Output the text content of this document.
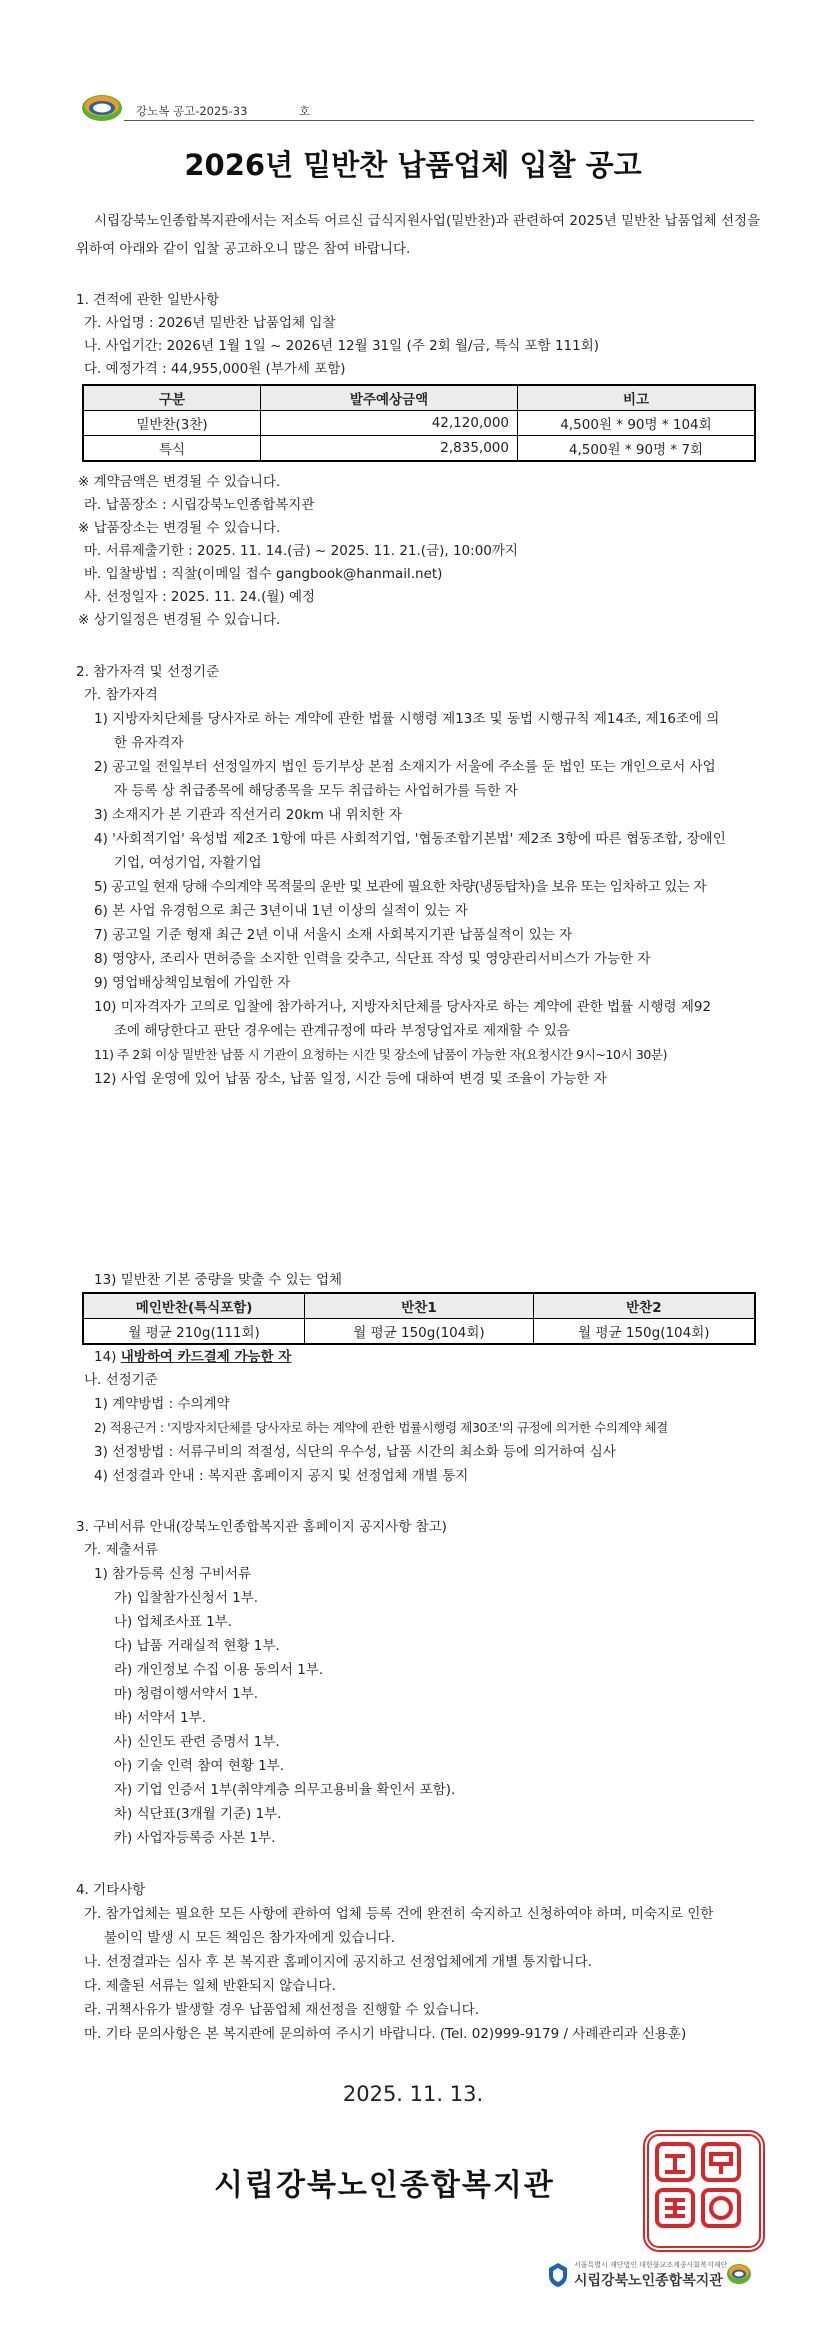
강노복 공고-2025-33	호
2026년 밑반찬 납품업체 입찰 공고
시립강북노인종합복지관에서는 저소득 어르신 급식지원사업(밑반찬)과 관련하여 2025년 밑반찬 납품업체 선정을 위하여 아래와 같이 입찰 공고하오니 많은 참여 바랍니다.
1. 견적에 관한 일반사항
가. 사업명 : 2026년 밑반찬 납품업체 입찰
나. 사업기간: 2026년 1월 1일 ~ 2026년 12월 31일 (주 2회 월/금, 특식 포함 111회)
다. 예정가격 : 44,955,000원 (부가세 포함)
구분	발주예상금액	비고
밑반찬(3찬)	42,120,000	4,500원 * 90명 * 104회
특식	2,835,000	4,500원 * 90명 * 7회
※ 계약금액은 변경될 수 있습니다.
라. 납품장소 : 시립강북노인종합복지관
※ 납품장소는 변경될 수 있습니다.
마. 서류제출기한 : 2025. 11. 14.(금) ~ 2025. 11. 21.(금), 10:00까지
바. 입찰방법 : 직찰(이메일 접수 gangbook@hanmail.net)
사. 선정일자 : 2025. 11. 24.(월) 예정
※ 상기일정은 변경될 수 있습니다.
2. 참가자격 및 선정기준
가. 참가자격
1) 지방자치단체를 당사자로 하는 계약에 관한 법률 시행령 제13조 및 동법 시행규칙 제14조, 제16조에 의
한 유자격자
2) 공고일 전일부터 선정일까지 법인 등기부상 본점 소재지가 서울에 주소를 둔 법인 또는 개인으로서 사업
자 등록 상 취급종목에 해당종목을 모두 취급하는 사업허가를 득한 자
3) 소재지가 본 기관과 직선거리 20km 내 위치한 자
4) '사회적기업' 육성법 제2조 1항에 따른 사회적기업, '협동조합기본법' 제2조 3항에 따른 협동조합, 장애인
기업, 여성기업, 자활기업
5) 공고일 현재 당해 수의계약 목적물의 운반 및 보관에 필요한 차량(냉동탑차)을 보유 또는 임차하고 있는 자
6) 본 사업 유경험으로 최근 3년이내 1년 이상의 실적이 있는 자
7) 공고일 기준 형재 최근 2년 이내 서울시 소재 사회복지기관 납품실적이 있는 자
8) 영양사, 조리사 면허증을 소지한 인력을 갖추고, 식단표 작성 및 영양관리서비스가 가능한 자
9) 영업배상책임보험에 가입한 자
10) 미자격자가 고의로 입찰에 참가하거나, 지방자치단체를 당사자로 하는 계약에 관한 법률 시행령 제92
조에 해당한다고 판단 경우에는 관계규정에 따라 부정당업자로 제재할 수 있음
11) 주 2회 이상 밑반찬 납품 시 기관이 요청하는 시간 및 장소에 납품이 가능한 자(요청시간 9시~10시 30분)
12) 사업 운영에 있어 납품 장소, 납품 일정, 시간 등에 대하여 변경 및 조율이 가능한 자
13) 밑반찬 기본 중량을 맞출 수 있는 업체
메인반찬(특식포함)	반찬1	반찬2
월 평균 210g(111회)	월 평균 150g(104회)	월 평균 150g(104회)
14) 내방하여 카드결제 가능한 자
나. 선정기준
1) 계약방법 : 수의계약
2) 적용근거 : '지방자치단체를 당사자로 하는 계약에 관한 법률시행령 제30조'의 규정에 의거한 수의계약 체결
3) 선정방법 : 서류구비의 적절성, 식단의 우수성, 납품 시간의 최소화 등에 의거하여 심사
4) 선정결과 안내 : 복지관 홈페이지 공지 및 선정업체 개별 통지
3. 구비서류 안내(강북노인종합복지관 홈페이지 공지사항 참고)
가. 제출서류
1) 참가등록 신청 구비서류
가) 입찰참가신청서 1부.
나) 업체조사표 1부.
다) 납품 거래실적 현황 1부.
라) 개인정보 수집 이용 동의서 1부.
마) 청렴이행서약서 1부.
바) 서약서 1부.
사) 신인도 관련 증명서 1부.
아) 기술 인력 참여 현황 1부.
자) 기업 인증서 1부(취약계층 의무고용비율 확인서 포함).
차) 식단표(3개월 기준) 1부.
카) 사업자등록증 사본 1부.
4. 기타사항
가. 참가업체는 필요한 모든 사항에 관하여 업체 등록 건에 완전히 숙지하고 신청하여야 하며, 미숙지로 인한
불이익 발생 시 모든 책임은 참가자에게 있습니다.
나. 선정결과는 심사 후 본 복지관 홈페이지에 공지하고 선정업체에게 개별 통지합니다.
다. 제출된 서류는 일체 반환되지 않습니다.
라. 귀책사유가 발생할 경우 납품업체 재선정을 진행할 수 있습니다.
마. 기타 문의사항은 본 복지관에 문의하여 주시기 바랍니다. (Tel. 02)999-9179 / 사례관리과 신용훈)
2025. 11. 13.
시립강북노인종합복지관
서울특별시 재단법인 대한불교조계종사회복지재단
시립강북노인종합복지관
